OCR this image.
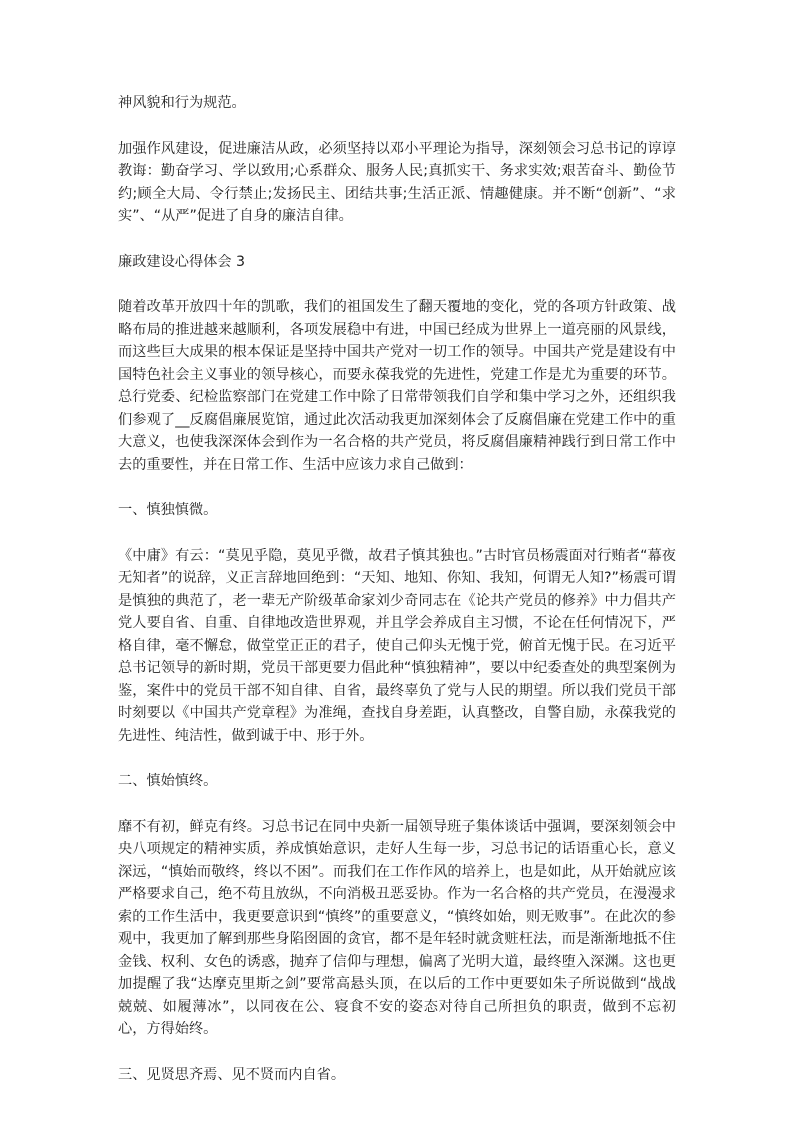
神风貌和行为规范。

加强作风建设，促进廉洁从政，必须坚持以邓小平理论为指导，深刻领会习总书记的谆谆教诲：勤奋学习、学以致用;心系群众、服务人民;真抓实干、务求实效;艰苦奋斗、勤俭节约;顾全大局、令行禁止;发扬民主、团结共事;生活正派、情趣健康。并不断“创新”、“求实”、“从严”促进了自身的廉洁自律。

廉政建设心得体会 3

随着改革开放四十年的凯歌，我们的祖国发生了翻天覆地的变化，党的各项方针政策、战略布局的推进越来越顺利，各项发展稳中有进，中国已经成为世界上一道亮丽的风景线，而这些巨大成果的根本保证是坚持中国共产党对一切工作的领导。中国共产党是建设有中国特色社会主义事业的领导核心，而要永葆我党的先进性，党建工作是尤为重要的环节。总行党委、纪检监察部门在党建工作中除了日常带领我们自学和集中学习之外，还组织我们参观了__反腐倡廉展览馆，通过此次活动我更加深刻体会了反腐倡廉在党建工作中的重大意义，也使我深深体会到作为一名合格的共产党员，将反腐倡廉精神践行到日常工作中去的重要性，并在日常工作、生活中应该力求自己做到：

一、慎独慎微。

《中庸》有云：“莫见乎隐，莫见乎微，故君子慎其独也。”古时官员杨震面对行贿者“幕夜无知者”的说辞，义正言辞地回绝到：“天知、地知、你知、我知，何谓无人知?”杨震可谓是慎独的典范了，老一辈无产阶级革命家刘少奇同志在《论共产党员的修养》中力倡共产党人要自省、自重、自律地改造世界观，并且学会养成自主习惯，不论在任何情况下，严格自律，毫不懈怠，做堂堂正正的君子，使自己仰头无愧于党，俯首无愧于民。在习近平总书记领导的新时期，党员干部更要力倡此种“慎独精神”，要以中纪委查处的典型案例为鉴，案件中的党员干部不知自律、自省，最终辜负了党与人民的期望。所以我们党员干部时刻要以《中国共产党章程》为准绳，查找自身差距，认真整改，自警自励，永葆我党的先进性、纯洁性，做到诚于中、形于外。

二、慎始慎终。

靡不有初，鲜克有终。习总书记在同中央新一届领导班子集体谈话中强调，要深刻领会中央八项规定的精神实质，养成慎始意识，走好人生每一步，习总书记的话语重心长，意义深远，“慎始而敬终，终以不困”。而我们在工作作风的培养上，也是如此，从开始就应该严格要求自己，绝不苟且放纵，不向消极丑恶妥协。作为一名合格的共产党员，在漫漫求索的工作生活中，我更要意识到“慎终”的重要意义，“慎终如始，则无败事”。在此次的参观中，我更加了解到那些身陷囹圄的贪官，都不是年轻时就贪赃枉法，而是渐渐地抵不住金钱、权利、女色的诱惑，抛弃了信仰与理想，偏离了光明大道，最终堕入深渊。这也更加提醒了我“达摩克里斯之剑”要常高悬头顶，在以后的工作中更要如朱子所说做到“战战兢兢、如履薄冰”，以同夜在公、寝食不安的姿态对待自己所担负的职责，做到不忘初心，方得始终。

三、见贤思齐焉、见不贤而内自省。
